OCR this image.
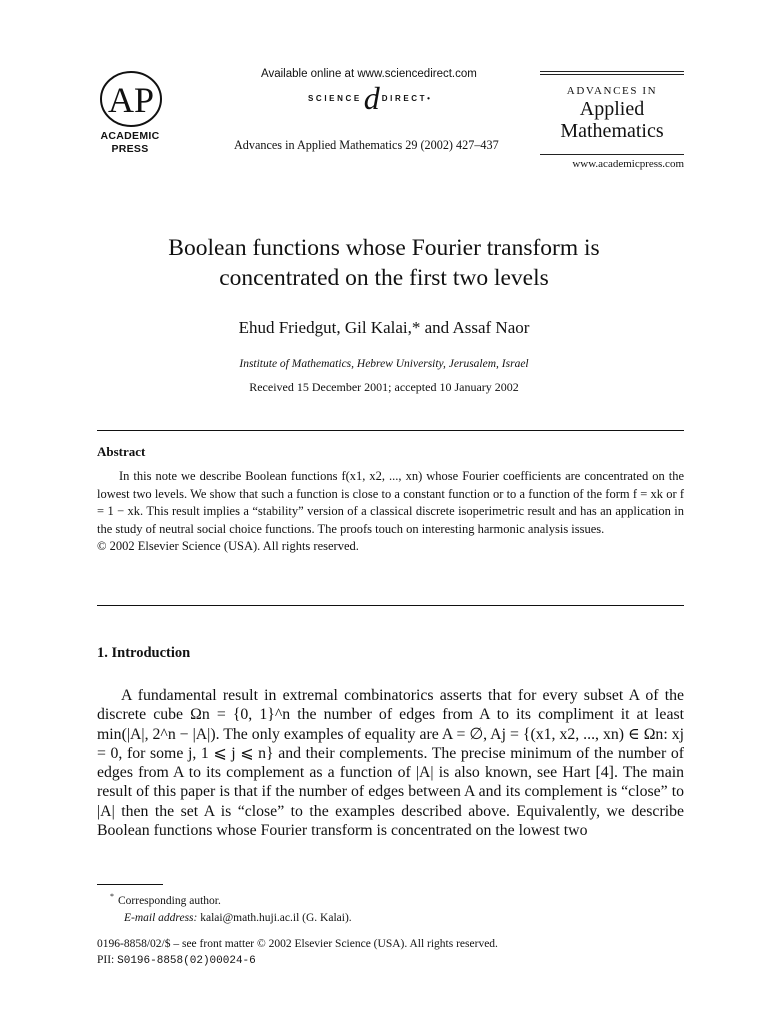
AP
ACADEMIC
PRESS
Available online at www.sciencedirect.com
SCIENCE d DIRECT •
Advances in Applied Mathematics 29 (2002) 427–437
ADVANCES IN
Applied
Mathematics
www.academicpress.com
Boolean functions whose Fourier transform is
concentrated on the first two levels
Ehud Friedgut, Gil Kalai,* and Assaf Naor
Institute of Mathematics, Hebrew University, Jerusalem, Israel
Received 15 December 2001; accepted 10 January 2002
Abstract

In this note we describe Boolean functions f(x1, x2, ..., xn) whose Fourier coefficients are concentrated on the lowest two levels. We show that such a function is close to a constant function or to a function of the form f = xk or f = 1 − xk. This result implies a “stability” version of a classical discrete isoperimetric result and has an application in the study of neutral social choice functions. The proofs touch on interesting harmonic analysis issues.

© 2002 Elsevier Science (USA). All rights reserved.

1. Introduction

A fundamental result in extremal combinatorics asserts that for every subset A of the discrete cube Ωn = {0, 1}^n the number of edges from A to its compliment it at least min(|A|, 2^n − |A|). The only examples of equality are A = ∅, Aj = {(x1, x2, ..., xn) ∈ Ωn: xj = 0, for some j, 1 ⩽ j ⩽ n} and their complements. The precise minimum of the number of edges from A to its complement as a function of |A| is also known, see Hart [4]. The main result of this paper is that if the number of edges between A and its complement is “close” to |A| then the set A is “close” to the examples described above. Equivalently, we describe Boolean functions whose Fourier transform is concentrated on the lowest two

* Corresponding author.
E-mail address: kalai@math.huji.ac.il (G. Kalai).
0196-8858/02/$ – see front matter © 2002 Elsevier Science (USA). All rights reserved.
PII: S0196-8858(02)00024-6
